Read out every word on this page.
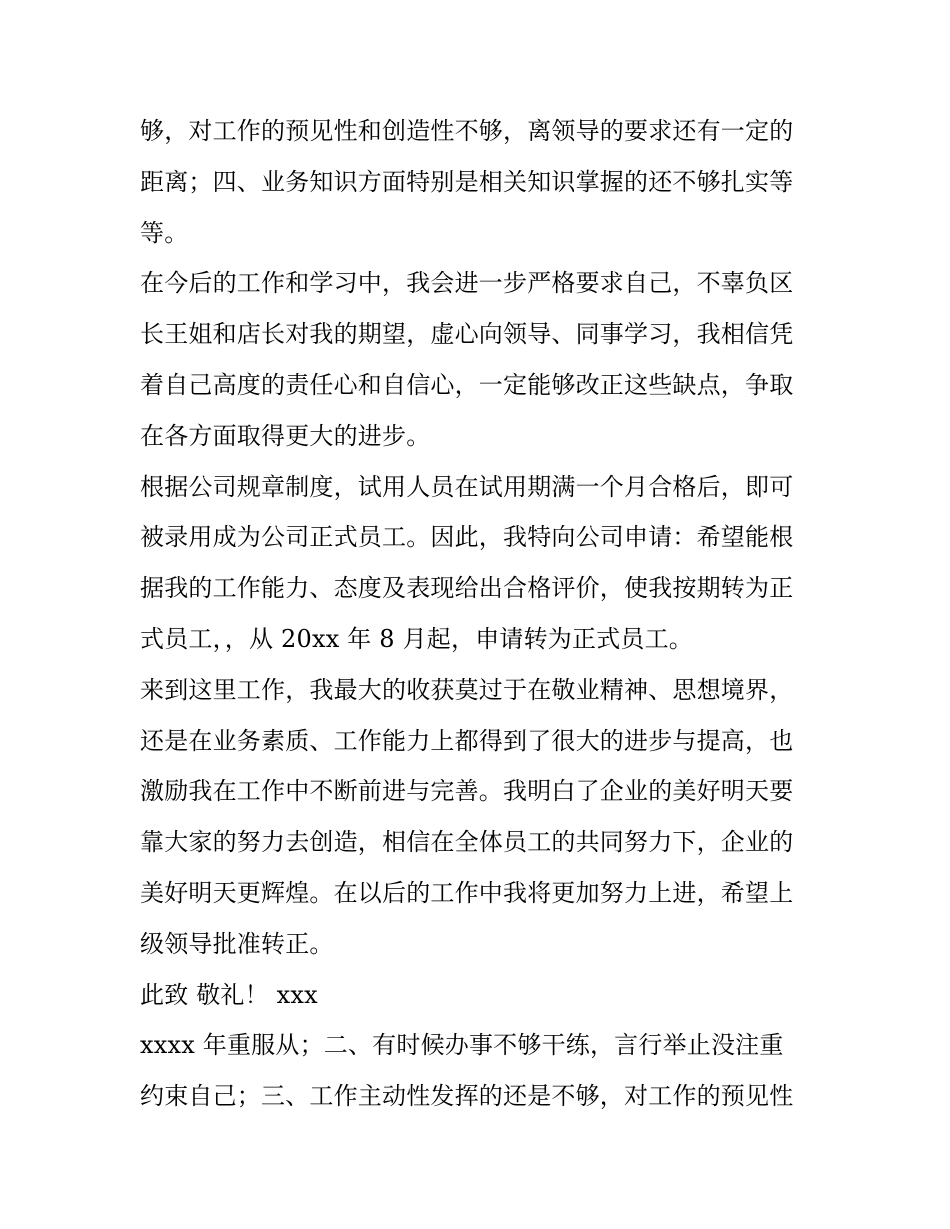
够，对工作的预见性和创造性不够，离领导的要求还有一定的
距离；四、业务知识方面特别是相关知识掌握的还不够扎实等
等。
在今后的工作和学习中，我会进一步严格要求自己，不辜负区
长王姐和店长对我的期望，虚心向领导、同事学习，我相信凭
着自己高度的责任心和自信心，一定能够改正这些缺点，争取
在各方面取得更大的进步。
根据公司规章制度，试用人员在试用期满一个月合格后，即可
被录用成为公司正式员工。因此，我特向公司申请：希望能根
据我的工作能力、态度及表现给出合格评价，使我按期转为正
式员工，，从 20xx 年 8 月起，申请转为正式员工。
来到这里工作，我最大的收获莫过于在敬业精神、思想境界，
还是在业务素质、工作能力上都得到了很大的进步与提高，也
激励我在工作中不断前进与完善。我明白了企业的美好明天要
靠大家的努力去创造，相信在全体员工的共同努力下，企业的
美好明天更辉煌。在以后的工作中我将更加努力上进，希望上
级领导批准转正。
此致 敬礼！ xxx
xxxx 年重服从；二、有时候办事不够干练，言行举止没注重
约束自己；三、工作主动性发挥的还是不够，对工作的预见性
